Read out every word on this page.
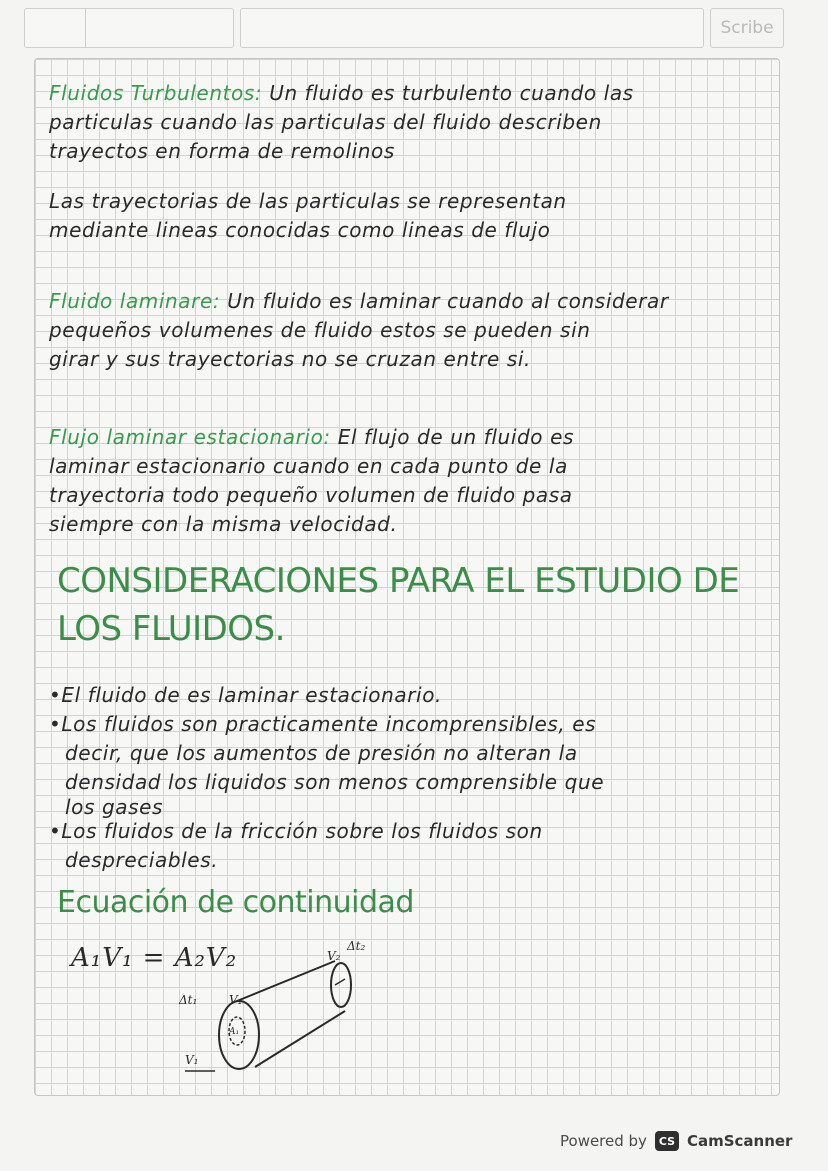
Scribe
Fluidos Turbulentos: Un fluido es turbulento cuando las
particulas cuando las particulas del fluido describen
trayectos en forma de remolinos
Las trayectorias de las particulas se representan
mediante lineas conocidas como lineas de flujo
Fluido laminare: Un fluido es laminar cuando al considerar
pequeños volumenes de fluido estos se pueden sin
girar y sus trayectorias no se cruzan entre si.
Flujo laminar estacionario: El flujo de un fluido es
laminar estacionario cuando en cada punto de la
trayectoria todo pequeño volumen de fluido pasa
siempre con la misma velocidad.
CONSIDERACIONES PARA EL ESTUDIO DE
LOS FLUIDOS.
•El fluido de es laminar estacionario.
•Los fluidos son practicamente incomprensibles, es
decir, que los aumentos de presión no alteran la
densidad los liquidos son menos comprensible que
los gases
•Los fluidos de la fricción sobre los fluidos son
despreciables.
Ecuación de continuidad
A₁V₁ = A₂V₂	V₂
Δt₂
Δt₁	V₁
A₁
V₁
Powered by	CS CamScanner
